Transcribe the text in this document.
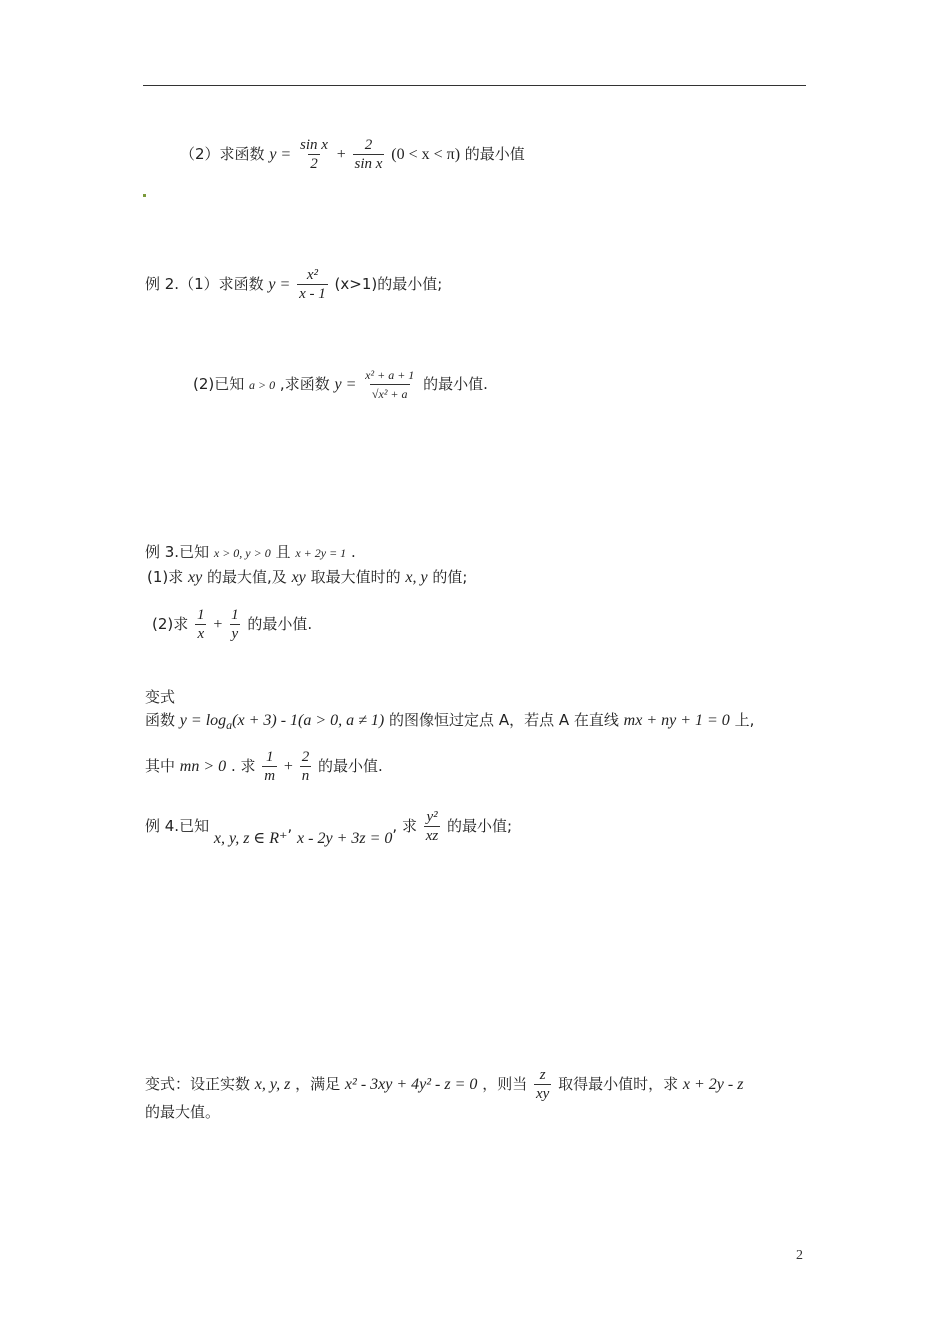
（2）求函数 $y = \frac{\text{sin x}}{2} + \frac{2}{\text{sin x}} (0 < x < \pi)$ 的最小值
例 2.（1）求函数 $y = \frac{\text{x²}}{x - 1} (x>1)$的最小值;
(2)已知 a > 0 ,求函数 $y = \frac{\text{x² + a + 1}}{\text{√x² + a}}$ 的最小值.
例 3.已知 x > 0, y > 0 且 x + 2y = 1 .
(1)求 xy 的最大值,及 xy 取最大值时的 x, y 的值;
(2)求 $\frac{1}{x} + \frac{1}{y}$ 的最小值.
变式
函数 $y = \log_a(x + 3) - 1(a > 0$, a ≠ 1) 的图像恒过定点 A，若点 A 在直线 mx + ny + 1 = 0 上,
其中 mn > 0 . 求 $\frac{1}{m} + \frac{2}{n}$ 的最小值.
例 4.已知 x, y, z ∈ R⁺, x - 2y + 3z = 0, 求 $\frac{\text{y²}}{xz}$ 的最小值;
变式：设正实数 x, y, z ，满足 x² - 3xy + 4y² - z = 0 ，则当 $\frac{z}{xy}$ 取得最小值时，求 x + 2y - z
的最大值。
2
